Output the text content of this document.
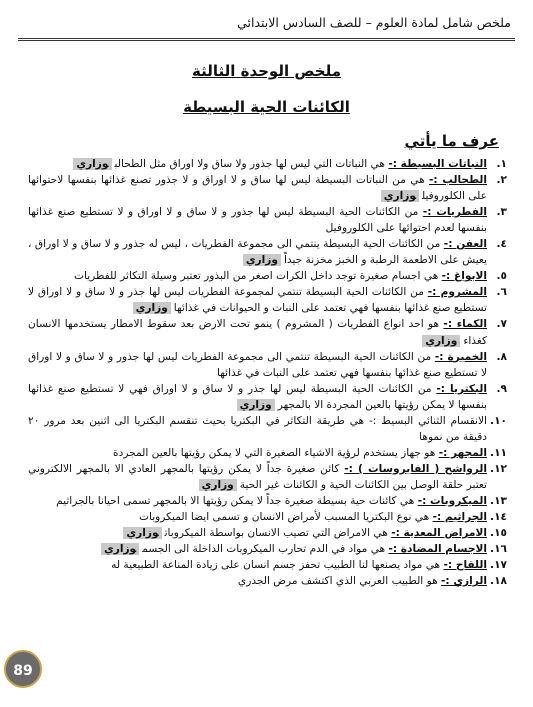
ملخص شامل لمادة العلوم – للصف السادس الابتدائي
ملخص الوحدة الثالثة
الكائنات الحية البسيطة
عرف ما يأتي
١.
النباتات البسيطة :- هي النباتات التي ليس لها جذور ولا ساق ولا اوراق مثل الطحالبوزاري
٢.
الطحالب :- هي من النباتات البسيطة ليس لها ساق و لا اوراق و لا جذور تصنع غذائها بنفسها لاحتوائها على الكلوروفيلوزاري
٣.
الفطريات :- من الكائنات الحية البسيطة ليس لها جذور و لا ساق و لا اوراق و لا تستطيع صنع غذائها بنفسها لعدم احتوائها على الكلوروفيل
٤.
العفن :- من الكائنات الحية البسيطة ينتمي الى مجموعة الفطريات ، ليس له جذور و لا ساق و لا اوراق ، يعيش على الاطعمة الرطبة و الخبز مخزنة جيداًوزاري
٥.
الابواغ :- هي اجسام صغيرة توجد داخل الكرات اصغر من البذور تعتبر وسيلة التكاثر للفطريات
٦.
المشروم :- من الكائنات الحية البسيطة تنتمي لمجموعة الفطريات ليس لها جذر و لا ساق و لا اوراق لا تستطيع صنع غذائها بنفسها فهي تعتمد على النبات و الحيوانات في غذائهاوزاري
٧.
الكماء :- هو احد انواع الفطريات ( المشروم ) ينمو تحت الارض بعد سقوط الامطار يستخدمها الانسان كغذاءوزاري
٨.
الخميرة :- من الكائنات الحية البسيطة تنتمي الى مجموعة الفطريات ليس لها جذور و لا ساق و لا اوراق لا تستطيع صنع غذائها بنفسها فهي تعتمد على النبات في غذائها
٩.
البكتريا :- من الكائنات الحية البسيطة ليس لها جذر و لا ساق و لا اوراق فهي لا تستطيع صنع غذائها بنفسها لا يمكن رؤيتها بالعين المجردة الا بالمجهروزاري
١٠.
الانقسام الثنائي البسيط :- هي طريقة التكاثر في البكتريا بحيث تنقسم البكتريا الى اثنين بعد مرور ٢٠ دقيقة من نموها
١١.
المجهر :- هو جهاز يستخدم لرؤية الاشياء الصغيرة التي لا يمكن رؤيتها بالعين المجردة
١٢.
الرواشح ( الفايروسات ) :- كائن صغيرة جداً لا يمكن رؤيتها بالمجهر العادي الا بالمجهر الالكتروني تعتبر حلقة الوصل بين الكائنات الحية و الكائنات غير الحيةوزاري
١٣.
الميكروبات :- هي كائنات حية بسيطة صغيرة جداً لا يمكن رؤيتها الا بالمجهر تسمى احيانا بالجراثيم
١٤.
الجراثيم :- هي نوع البكتريا المسبب لأمراض الانسان و تسمى ايضا الميكروبات
١٥.
الامراض المعدية :- هي الامراض التي تصيب الانسان بواسطة الميكروباتوزاري
١٦.
الاجسام المضادة :- هي مواد في الدم تحارب الميكروبات الداخلة الى الجسموزاري
١٧.
اللقاح :- هي مواد يصنعها لنا الطبيب تحفز جسم انسان على زيادة المناعة الطبيعية له
١٨.
الرازي :- هو الطبيب العربي الذي اكتشف مرض الجدري
89
